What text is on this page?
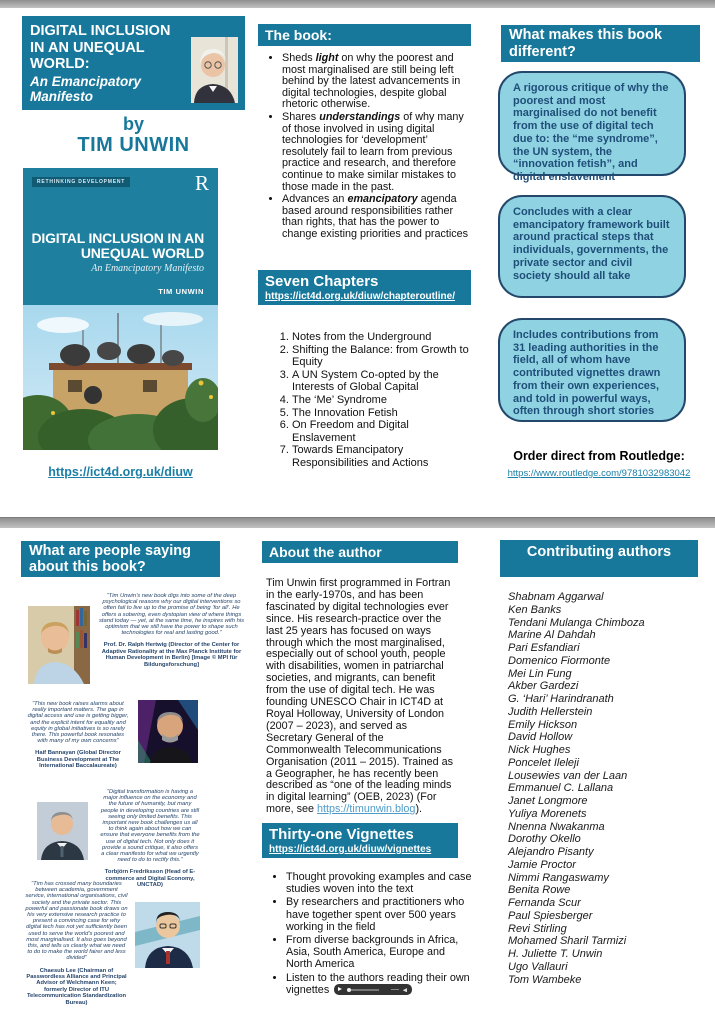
DIGITAL INCLUSION IN AN UNEQUAL WORLD:
An Emancipatory Manifesto
by
TIM UNWIN
RETHINKING DEVELOPMENT	R
DIGITAL INCLUSION IN AN UNEQUAL WORLD
An Emancipatory Manifesto
TIM UNWIN
https://ict4d.org.uk/diuw
The book:
• Sheds light on why the poorest and most marginalised are still being left behind by the latest advancements in digital technologies, despite global rhetoric otherwise.
• Shares understandings of why many of those involved in using digital technologies for ‘development’ resolutely fail to learn from previous practice and research, and therefore continue to make similar mistakes to those made in the past.
• Advances an emancipatory agenda based around responsibilities rather than rights, that has the power to change existing priorities and practices
Seven Chapters
https://ict4d.org.uk/diuw/chapteroutline/
1. Notes from the Underground
2. Shifting the Balance: from Growth to Equity
3. A UN System Co-opted by the Interests of Global Capital
4. The ‘Me’ Syndrome
5. The Innovation Fetish
6. On Freedom and Digital Enslavement
7. Towards Emancipatory Responsibilities and Actions
What makes this book different?
A rigorous critique of why the poorest and most marginalised do not benefit from the use of digital tech due to: the “me syndrome”, the UN system, the “innovation fetish”, and digital enslavement
Concludes with a clear emancipatory framework built around practical steps that individuals, governments, the private sector and civil society should all take
Includes contributions from 31 leading authorities in the field, all of whom have contributed vignettes drawn from their own experiences, and told in powerful ways, often through short stories
Order direct from Routledge:
https://www.routledge.com/9781032983042
What are people saying about this book?
“Tim Unwin’s new book digs into some of the deep psychological reasons why our digital interventions so often fail to live up to the promise of being ‘for all’. He offers a sobering, even dystopian view of where things stand today — yet, at the same time, he inspires with his optimism that we still have the power to shape such technologies for real and lasting good.”
Prof. Dr. Ralph Hertwig (Director of the Center for Adaptive Rationality at the Max Planck Institute for Human Development in Berlin) [Image © MPI für Bildungsforschung]
“This new book raises alarms about really important matters. The gap in digital access and use is getting bigger, and the explicit intent for equality and equity in global initiatives is so rarely there. This powerful book resonates with many of my own concerns”
Haif Bannayan (Global Director Business Development at The International Baccalaureate)
“Digital transformation is having a major influence on the economy and the future of humanity, but many people in developing countries are still seeing only limited benefits. This important new book challenges us all to think again about how we can ensure that everyone benefits from the use of digital tech. Not only does it provide a sound critique, it also offers a clear manifesto for what we urgently need to do to rectify this.”
Torbjörn Fredriksson (Head of E-commerce and Digital Economy, UNCTAD)
“Tim has crossed many boundaries between academia, government service, international organisations, civil society and the private sector. This powerful and passionate book draws on his very extensive research practice to present a convincing case for why digital tech has not yet sufficiently been used to serve the world’s poorest and most marginalised. It also goes beyond this, and tells us clearly what we need to do to make the world fairer and less divided”
Chaesub Lee (Chairman of Passwordless Alliance and Principal Advisor of Welchmann Keen; formerly Director of ITU Telecommunication Standardization Bureau)
About the author
Tim Unwin first programmed in Fortran in the early-1970s, and has been fascinated by digital technologies ever since. His research-practice over the last 25 years has focused on ways through which the most marginalised, especially out of school youth, people with disabilities, women in patriarchal societies, and migrants, can benefit from the use of digital tech. He was founding UNESCO Chair in ICT4D at Royal Holloway, University of London (2007 – 2023), and served as Secretary General of the Commonwealth Telecommunications Organisation (2011 – 2015). Trained as a Geographer, he has recently been described as “one of the leading minds in digital learning” (OEB, 2023) (For more, see https://timunwin.blog).
Thirty-one Vignettes
https://ict4d.org.uk/diuw/vignettes
• Thought provoking examples and case studies woven into the text
• By researchers and practitioners who have together spent over 500 years working in the field
• From diverse backgrounds in Africa, Asia, South America, Europe and North America
• Listen to the authors reading their own vignettes
Contributing authors
Shabnam Aggarwal
Ken Banks
Tendani Mulanga Chimboza
Marine Al Dahdah
Pari Esfandiari
Domenico Fiormonte
Mei Lin Fung
Akber Gardezi
G. ‘Hari’ Harindranath
Judith Hellerstein
Emily Hickson
David Hollow
Nick Hughes
Poncelet Ileleji
Lousewies van der Laan
Emmanuel C. Lallana
Janet Longmore
Yuliya Morenets
Nnenna Nwakanma
Dorothy Okello
Alejandro Pisanty
Jamie Proctor
Nimmi Rangaswamy
Benita Rowe
Fernanda Scur
Paul Spiesberger
Revi Stirling
Mohamed Sharil Tarmizi
H. Juliette T. Unwin
Ugo Vallauri
Tom Wambeke
